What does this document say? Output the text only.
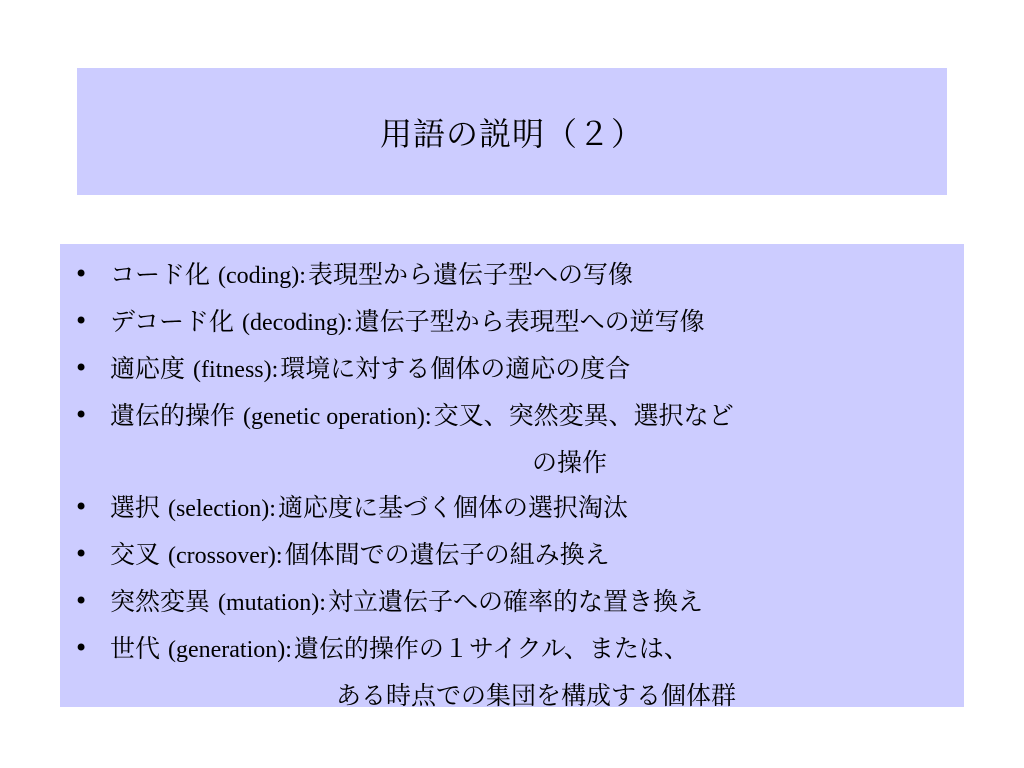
用語の説明（２）
• コード化 (coding):表現型から遺伝子型への写像
• デコード化 (decoding):遺伝子型から表現型への逆写像
• 適応度 (fitness):環境に対する個体の適応の度合
• 遺伝的操作 (genetic operation):交叉、突然変異、選択など
の操作
• 選択 (selection):適応度に基づく個体の選択淘汰
• 交叉 (crossover):個体間での遺伝子の組み換え
• 突然変異 (mutation):対立遺伝子への確率的な置き換え
• 世代 (generation):遺伝的操作の１サイクル、または、
ある時点での集団を構成する個体群
